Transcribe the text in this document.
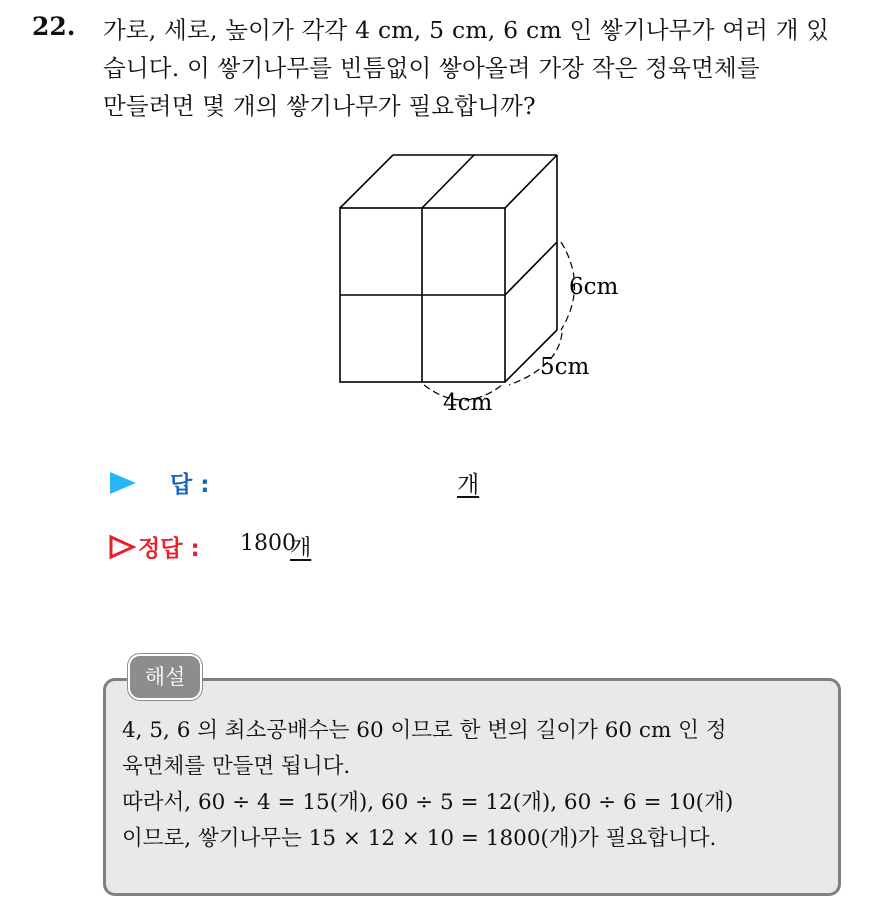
22. 가로, 세로, 높이가 각각 4 cm, 5 cm, 6 cm 인 쌓기나무가 여러 개 있
습니다. 이 쌓기나무를 빈틈없이 쌓아올려 가장 작은 정육면체를
만들려면 몇 개의 쌓기나무가 필요합니까?
6cm
5cm
4cm
답 :	개
정답 : 1800
개
해설
4, 5, 6 의 최소공배수는 60 이므로 한 변의 길이가 60 cm 인 정
육면체를 만들면 됩니다.
따라서, 60 ÷ 4 = 15(개), 60 ÷ 5 = 12(개), 60 ÷ 6 = 10(개)
이므로, 쌓기나무는 15 × 12 × 10 = 1800(개)가 필요합니다.
